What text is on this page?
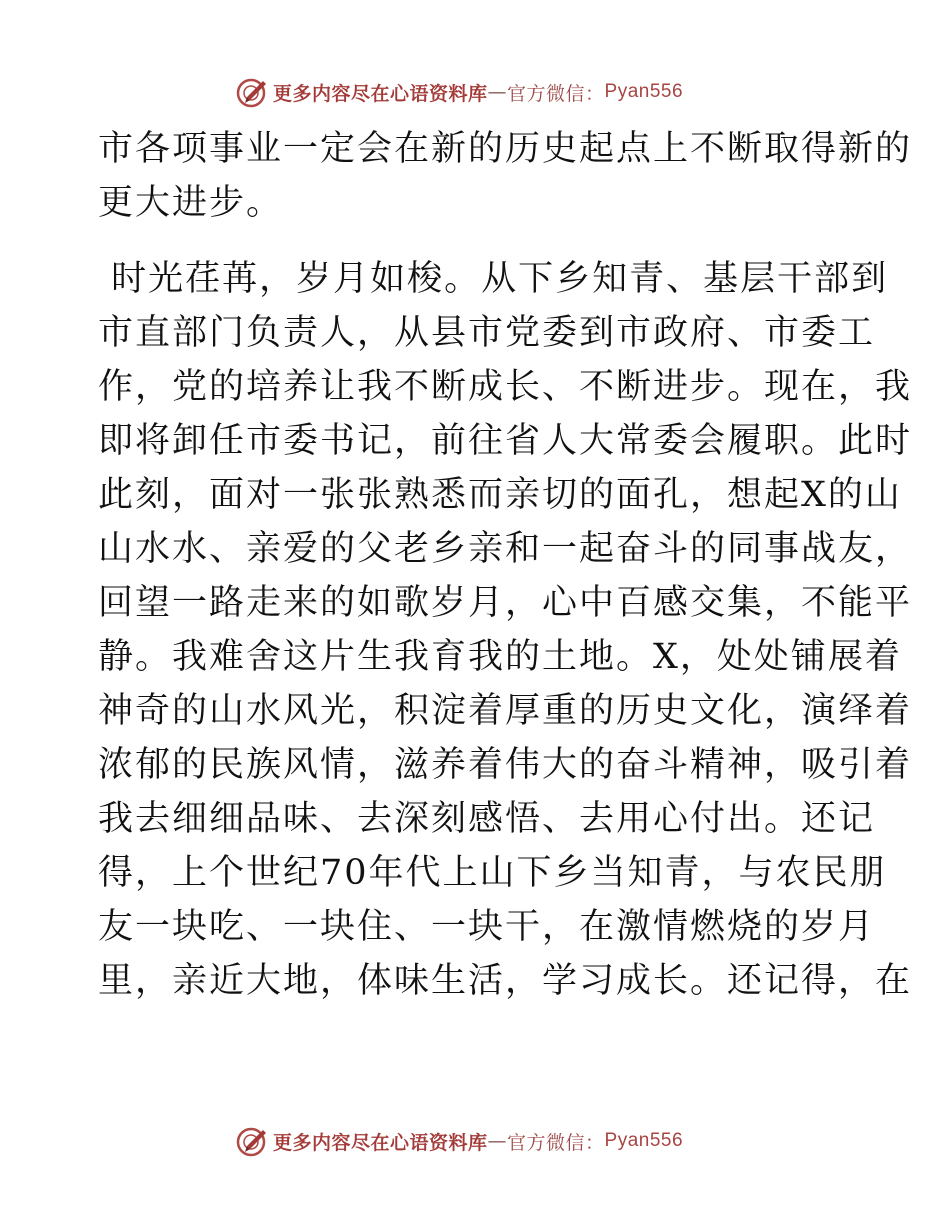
更多内容尽在心语资料库 — 官方微信： Pyan556

市各项事业一定会在新的历史起点上不断取得新的
更大进步。

时光荏苒，岁月如梭。从下乡知青、基层干部到
市直部门负责人，从县市党委到市政府、市委工
作，党的培养让我不断成长、不断进步。现在，我
即将卸任市委书记，前往省人大常委会履职。此时
此刻，面对一张张熟悉而亲切的面孔，想起X的山
山水水、亲爱的父老乡亲和一起奋斗的同事战友，
回望一路走来的如歌岁月，心中百感交集，不能平
静。我难舍这片生我育我的土地。X，处处铺展着
神奇的山水风光，积淀着厚重的历史文化，演绎着
浓郁的民族风情，滋养着伟大的奋斗精神，吸引着
我去细细品味、去深刻感悟、去用心付出。还记
得，上个世纪70年代上山下乡当知青，与农民朋
友一块吃、一块住、一块干，在激情燃烧的岁月
里，亲近大地，体味生活，学习成长。还记得，在

更多内容尽在心语资料库 — 官方微信： Pyan556
